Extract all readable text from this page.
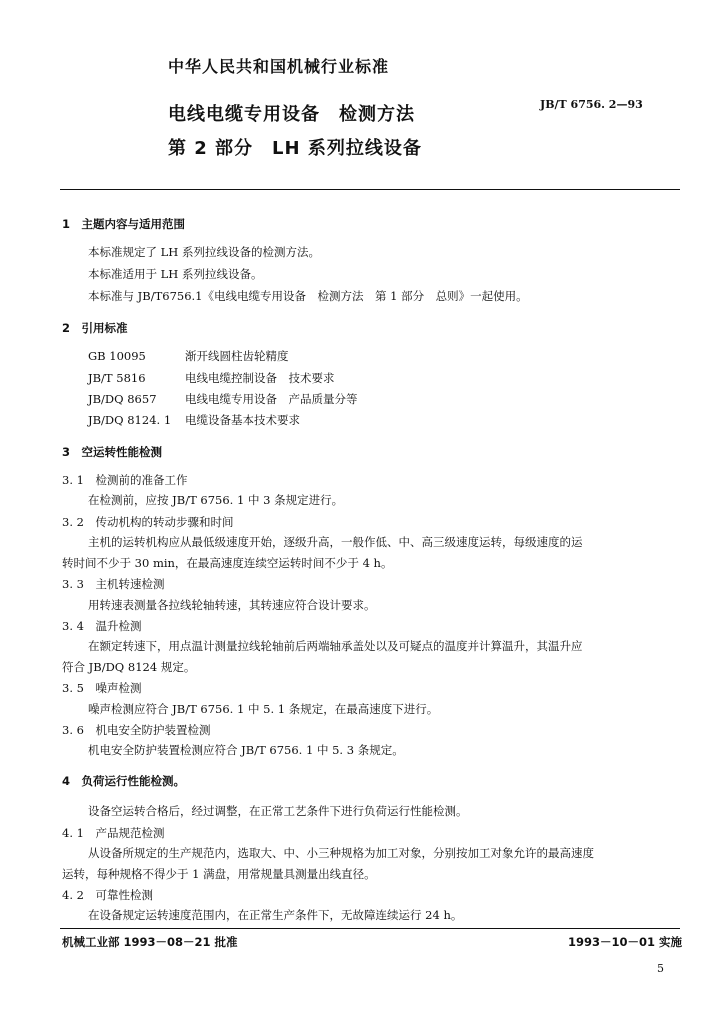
中华人民共和国机械行业标准
电线电缆专用设备　检测方法
第 2 部分　LH 系列拉线设备
JB/T 6756. 2—93
1　主题内容与适用范围
本标准规定了 LH 系列拉线设备的检测方法。
本标准适用于 LH 系列拉线设备。
本标准与 JB/T6756.1《电线电缆专用设备　检测方法　第 1 部分　总则》一起使用。
2　引用标准
GB 10095	渐开线圆柱齿轮精度
JB/T 5816	电线电缆控制设备　技术要求
JB/DQ 8657 电线电缆专用设备　产品质量分等
JB/DQ 8124. 1 电缆设备基本技术要求
3　空运转性能检测
3. 1　检测前的准备工作
在检测前，应按 JB/T 6756. 1 中 3 条规定进行。
3. 2　传动机构的转动步骤和时间
主机的运转机构应从最低级速度开始，逐级升高，一般作低、中、高三级速度运转，每级速度的运
转时间不少于 30 min，在最高速度连续空运转时间不少于 4 h。
3. 3　主机转速检测
用转速表测量各拉线轮轴转速，其转速应符合设计要求。
3. 4　温升检测
在额定转速下，用点温计测量拉线轮轴前后两端轴承盖处以及可疑点的温度并计算温升，其温升应
符合 JB/DQ 8124 规定。
3. 5　噪声检测
噪声检测应符合 JB/T 6756. 1 中 5. 1 条规定，在最高速度下进行。
3. 6　机电安全防护装置检测
机电安全防护装置检测应符合 JB/T 6756. 1 中 5. 3 条规定。
4　负荷运行性能检测。
设备空运转合格后，经过调整，在正常工艺条件下进行负荷运行性能检测。
4. 1　产品规范检测
从设备所规定的生产规范内，选取大、中、小三种规格为加工对象，分别按加工对象允许的最高速度
运转，每种规格不得少于 1 满盘，用常规量具测量出线直径。
4. 2　可靠性检测
在设备规定运转速度范围内，在正常生产条件下，无故障连续运行 24 h。
机械工业部 1993－08－21 批准	1993－10－01 实施
5
